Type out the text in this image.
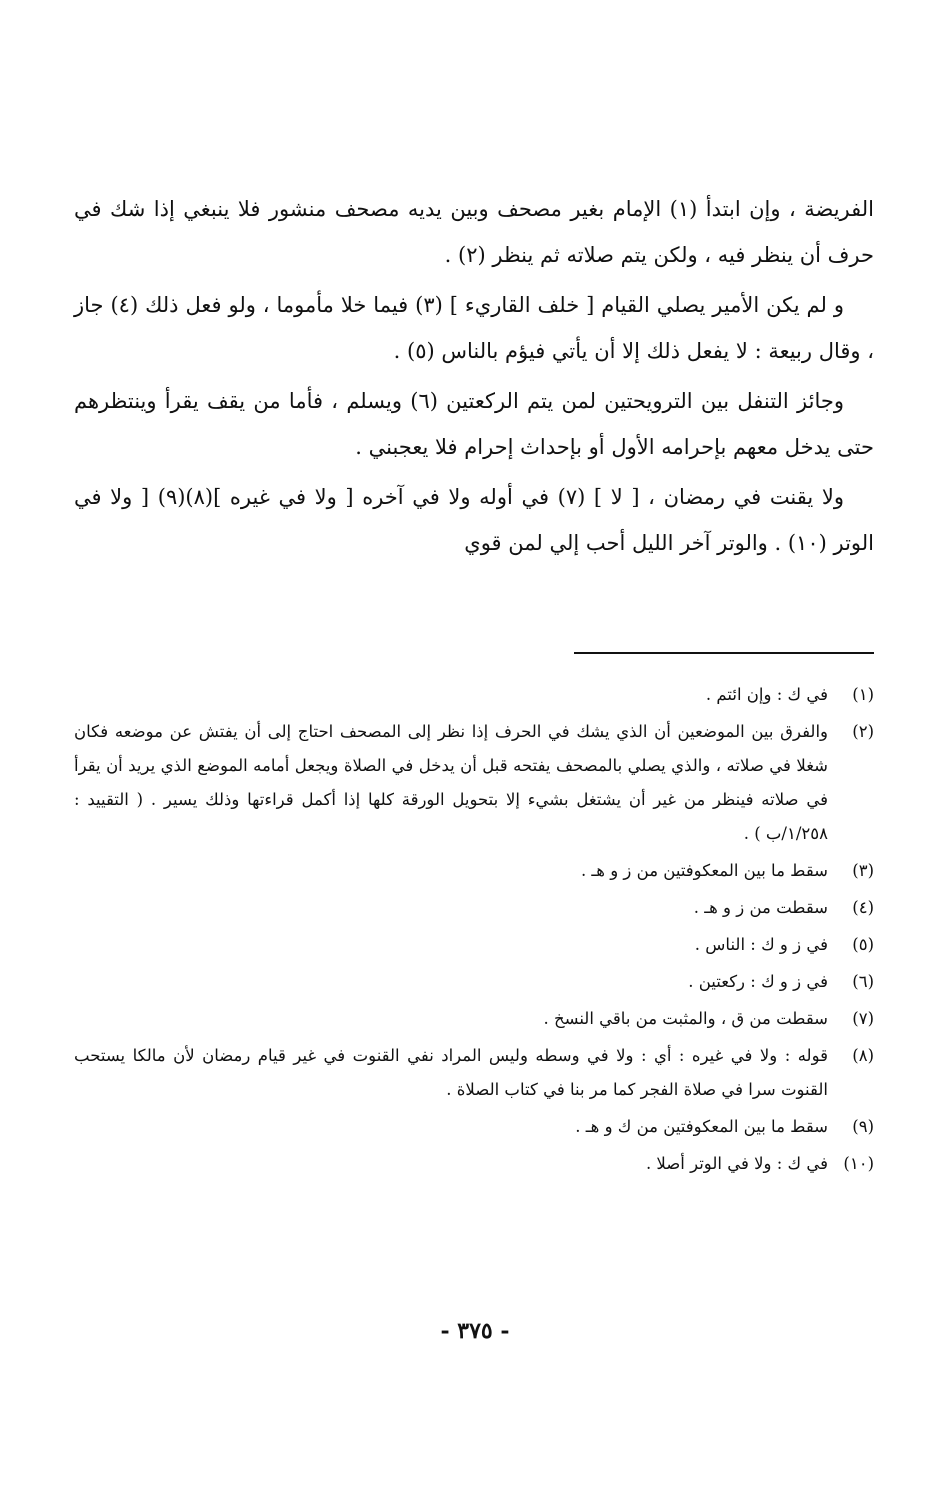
الفريضة ، وإن ابتدأ (١) الإمام بغير مصحف وبين يديه مصحف منشور فلا ينبغي إذا شك في حرف أن ينظر فيه ، ولكن يتم صلاته ثم ينظر (٢) .

و لم يكن الأمير يصلي القيام [ خلف القاريء ] (٣) فيما خلا مأموما ، ولو فعل ذلك (٤) جاز ، وقال ربيعة : لا يفعل ذلك إلا أن يأتي فيؤم بالناس (٥) .

وجائز التنفل بين الترويحتين لمن يتم الركعتين (٦) ويسلم ، فأما من يقف يقرأ وينتظرهم حتى يدخل معهم بإحرامه الأول أو بإحداث إحرام فلا يعجبني .

ولا يقنت في رمضان ، [ لا ] (٧) في أوله ولا في آخره [ ولا في غيره ](٨)(٩) [ ولا في الوتر (١٠) . والوتر آخر الليل أحب إلي لمن قوي

(١)
في ك : وإن ائتم .
(٢)
والفرق بين الموضعين أن الذي يشك في الحرف إذا نظر إلى المصحف احتاج إلى أن يفتش عن موضعه فكان شغلا في صلاته ، والذي يصلي بالمصحف يفتحه قبل أن يدخل في الصلاة ويجعل أمامه الموضع الذي يريد أن يقرأ في صلاته فينظر من غير أن يشتغل بشيء إلا بتحويل الورقة كلها إذا أكمل قراءتها وذلك يسير . ( التقييد : ١/٢٥٨/ب ) .
(٣)
سقط ما بين المعكوفتين من ز و هـ .
(٤)
سقطت من ز و هـ .
(٥)
في ز و ك : الناس .
(٦)
في ز و ك : ركعتين .
(٧)
سقطت من ق ، والمثبت من باقي النسخ .
(٨)
قوله : ولا في غيره : أي : ولا في وسطه وليس المراد نفي القنوت في غير قيام رمضان لأن مالكا يستحب القنوت سرا في صلاة الفجر كما مر بنا في كتاب الصلاة .
(٩)
سقط ما بين المعكوفتين من ك و هـ .
(١٠)
في ك : ولا في الوتر أصلا .
- ٣٧٥ -
